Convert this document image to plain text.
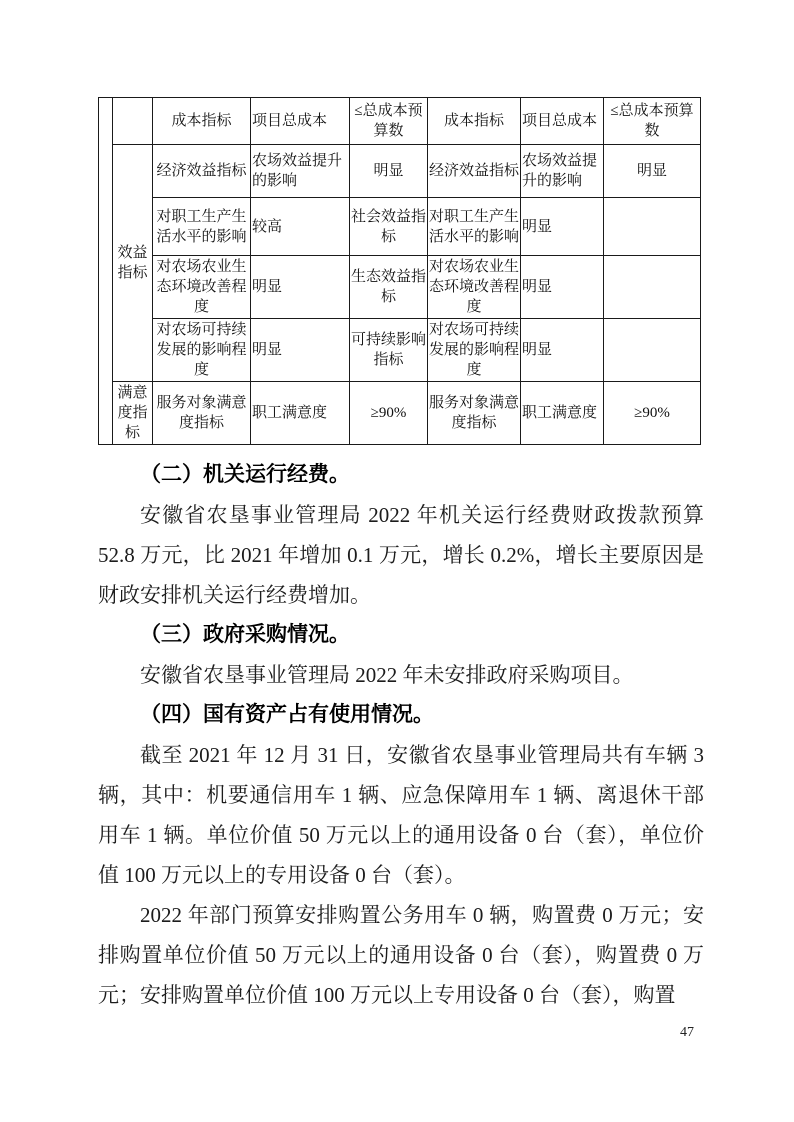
		成本指标	项目总成本	≤总成本预算数	成本指标	项目总成本	≤总成本预算数
	效益指标	经济效益指标	农场效益提升的影响	明显	经济效益指标	农场效益提升的影响	明显
		对职工生产生活水平的影响	较高	社会效益指标	对职工生产生活水平的影响	明显	
		对农场农业生态环境改善程度	明显	生态效益指标	对农场农业生态环境改善程度	明显	
		对农场可持续发展的影响程度	明显	可持续影响指标	对农场可持续发展的影响程度	明显	
	满意度指标	服务对象满意度指标	职工满意度	≥90%	服务对象满意度指标	职工满意度	≥90%
（二）机关运行经费。

安徽省农垦事业管理局 2022 年机关运行经费财政拨款预算 52.8 万元，比 2021 年增加 0.1 万元，增长 0.2%，增长主要原因是财政安排机关运行经费增加。

（三）政府采购情况。

安徽省农垦事业管理局 2022 年未安排政府采购项目。

（四）国有资产占有使用情况。

截至 2021 年 12 月 31 日，安徽省农垦事业管理局共有车辆 3 辆，其中：机要通信用车 1 辆、应急保障用车 1 辆、离退休干部用车 1 辆。单位价值 50 万元以上的通用设备 0 台（套），单位价值 100 万元以上的专用设备 0 台（套）。

2022 年部门预算安排购置公务用车 0 辆，购置费 0 万元；安排购置单位价值 50 万元以上的通用设备 0 台（套），购置费 0 万元；安排购置单位价值 100 万元以上专用设备 0 台（套），购置

47
